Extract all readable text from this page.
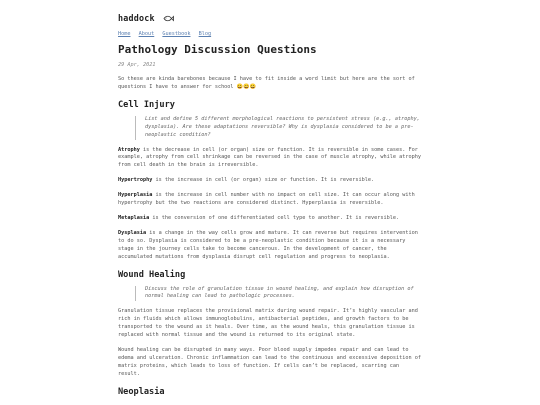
haddock
Home About Guestbook Blog
Pathology Discussion Questions
29 Apr, 2021

So these are kinda barebones because I have to fit inside a word limit but here are the sort of questions I have to answer for school 😀😀😀

Cell Injury
List and define 5 different morphological reactions to persistent stress (e.g., atrophy, dysplasia). Are these adaptations reversible? Why is dysplasia considered to be a pre-neoplastic condition?

Atrophy is the decrease in cell (or organ) size or function. It is reversible in some cases. For example, atrophy from cell shrinkage can be reversed in the case of muscle atrophy, while atrophy from cell death in the brain is irreversible.

Hypertrophy is the increase in cell (or organ) size or function. It is reversible.

Hyperplasia is the increase in cell number with no impact on cell size. It can occur along with hypertrophy but the two reactions are considered distinct. Hyperplasia is reversible.

Metaplasia is the conversion of one differentiated cell type to another. It is reversible.

Dysplasia is a change in the way cells grow and mature. It can reverse but requires intervention to do so. Dysplasia is considered to be a pre-neoplastic condition because it is a necessary stage in the journey cells take to become cancerous. In the development of cancer, the accumulated mutations from dysplasia disrupt cell regulation and progress to neoplasia.

Wound Healing
Discuss the role of granulation tissue in wound healing, and explain how disruption of normal healing can lead to pathologic processes.

Granulation tissue replaces the provisional matrix during wound repair. It’s highly vascular and rich in fluids which allows immunoglobulins, antibacterial peptides, and growth factors to be transported to the wound as it heals. Over time, as the wound heals, this granulation tissue is replaced with normal tissue and the wound is returned to its original state.

Wound healing can be disrupted in many ways. Poor blood supply impedes repair and can lead to edema and ulceration. Chronic inflammation can lead to the continuous and excessive deposition of matrix proteins, which leads to loss of function. If cells can’t be replaced, scarring can result.

Neoplasia
